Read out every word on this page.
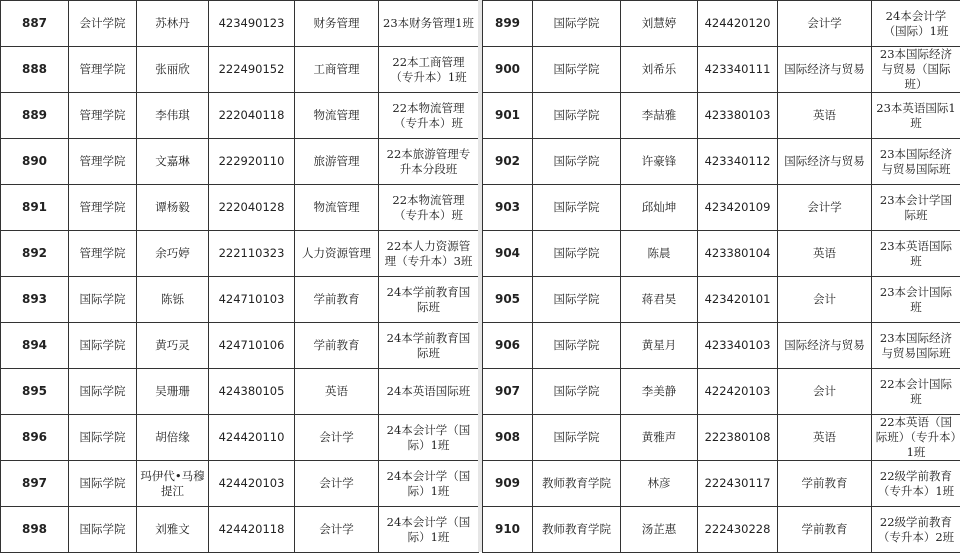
887	会计学院	苏林丹	423490123	财务管理	23本财务管理1班
888	管理学院	张丽欣	222490152	工商管理	22本工商管理（专升本）1班
889	管理学院	李伟琪	222040118	物流管理	22本物流管理（专升本）班
890	管理学院	文嘉琳	222920110	旅游管理	22本旅游管理专升本分段班
891	管理学院	谭杨毅	222040128	物流管理	22本物流管理（专升本）班
892	管理学院	余巧婷	222110323	人力资源管理	22本人力资源管理（专升本）3班
893	国际学院	陈铄	424710103	学前教育	24本学前教育国际班
894	国际学院	黄巧灵	424710106	学前教育	24本学前教育国际班
895	国际学院	吴珊珊	424380105	英语	24本英语国际班
896	国际学院	胡倍缘	424420110	会计学	24本会计学（国际）1班
897	国际学院	玛伊代•马穆提江	424420103	会计学	24本会计学（国际）1班
898	国际学院	刘雅文	424420118	会计学	24本会计学（国际）1班
899	国际学院	刘慧婷	424420120	会计学	24本会计学（国际）1班
900	国际学院	刘希乐	423340111	国际经济与贸易	23本国际经济与贸易（国际班）
901	国际学院	李喆雅	423380103	英语	23本英语国际1班
902	国际学院	许豪锋	423340112	国际经济与贸易	23本国际经济与贸易国际班
903	国际学院	邱灿坤	423420109	会计学	23本会计学国际班
904	国际学院	陈晨	423380104	英语	23本英语国际班
905	国际学院	蒋君昊	423420101	会计	23本会计国际班
906	国际学院	黄星月	423340103	国际经济与贸易	23本国际经济与贸易国际班
907	国际学院	李美静	422420103	会计	22本会计国际班
908	国际学院	黄雅声	222380108	英语	22本英语（国际班）（专升本）1班
909	教师教育学院	林彦	222430117	学前教育	22级学前教育（专升本）1班
910	教师教育学院	汤芷惠	222430228	学前教育	22级学前教育（专升本）2班
